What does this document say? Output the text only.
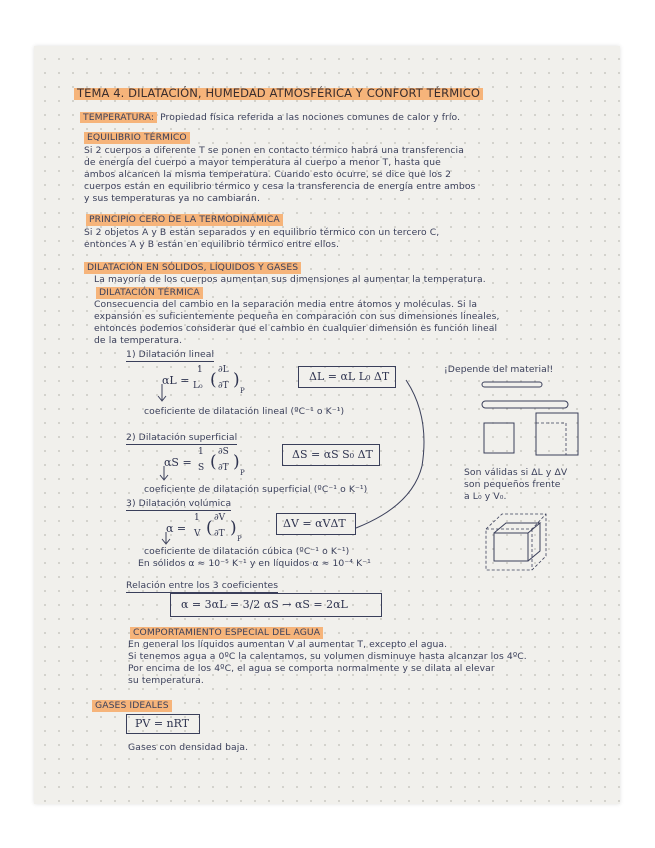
TEMA 4. DILATACIÓN, HUMEDAD ATMOSFÉRICA Y CONFORT TÉRMICO
TEMPERATURA: Propiedad física referida a las nociones comunes de calor y frío.
EQUILIBRIO TÉRMICO
Si 2 cuerpos a diferente T se ponen en contacto térmico habrá una transferencia
de energía del cuerpo a mayor temperatura al cuerpo a menor T, hasta que
ambos alcancen la misma temperatura. Cuando esto ocurre, se dice que los 2
cuerpos están en equilibrio térmico y cesa la transferencia de energía entre ambos
y sus temperaturas ya no cambiarán.
PRINCIPIO CERO DE LA TERMODINÁMICA
Si 2 objetos A y B están separados y en equilibrio térmico con un tercero C,
entonces A y B están en equilibrio térmico entre ellos.
DILATACIÓN EN SÓLIDOS, LÍQUIDOS Y GASES
La mayoría de los cuerpos aumentan sus dimensiones al aumentar la temperatura.
DILATACIÓN TÉRMICA
Consecuencia del cambio en la separación media entre átomos y moléculas. Si la
expansión es suficientemente pequeña en comparación con sus dimensiones lineales,
entonces podemos considerar que el cambio en cualquier dimensión es función lineal
de la temperatura.
1) Dilatación lineal
αL =
1
L₀ ( ∂L
∂T )
P
ΔL = αL L₀ ΔT
coeficiente de dilatación lineal (ºC⁻¹ o K⁻¹)
¡Depende del material!
2) Dilatación superficial
αS =
1
S ( ∂S
∂T )
P
ΔS = αS S₀ ΔT
coeficiente de dilatación superficial (ºC⁻¹ o K⁻¹)
Son válidas si ΔL y ΔV
son pequeños frente
a L₀ y V₀.
3) Dilatación volúmica
α =
1
V ( ∂V
∂T )
P
ΔV = αVΔT
coeficiente de dilatación cúbica (ºC⁻¹ o K⁻¹)
En sólidos α ≈ 10⁻⁵ K⁻¹ y en líquidos α ≈ 10⁻⁴ K⁻¹
Relación entre los 3 coeficientes
α = 3αL = 3/2 αS → αS = 2αL
COMPORTAMIENTO ESPECIAL DEL AGUA
En general los líquidos aumentan V al aumentar T, excepto el agua.
Si tenemos agua a 0ºC la calentamos, su volumen disminuye hasta alcanzar los 4ºC.
Por encima de los 4ºC, el agua se comporta normalmente y se dilata al elevar
su temperatura.
GASES IDEALES
PV = nRT
Gases con densidad baja.
